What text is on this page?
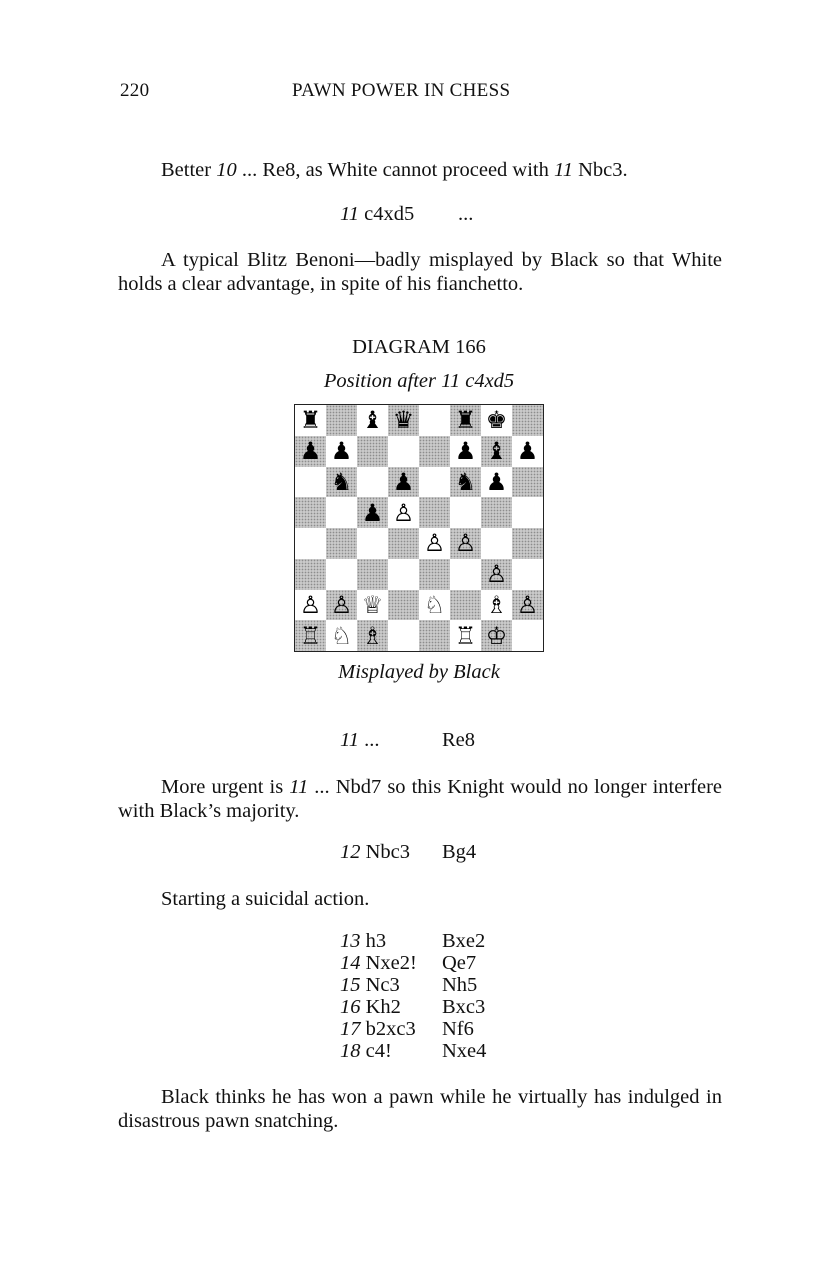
220	PAWN POWER IN CHESS
Better 10 ... Re8, as White cannot proceed with 11 Nbc3.
11 c4xd5 ...
A typical Blitz Benoni—badly misplayed by Black so that White holds a clear advantage, in spite of his fianchetto.
DIAGRAM 166
Position after 11 c4xd5
♜ ♝ ♛ ♜ ♚
♟ ♟	♟ ♝ ♟
♞ ♟ ♞ ♟
♟ ♙
♙ ♙
♙
♙ ♙ ♕ ♘ ♗ ♙
♖ ♘ ♗	♖ ♔
Misplayed by Black
11 ...	Re8
More urgent is 11 ... Nbd7 so this Knight would no longer interfere with Black’s majority.
12 Nbc3 Bg4
Starting a suicidal action.
13 h3	Bxe2
14 Nxe2! Qe7
15 Nc3 Nh5
16 Kh2 Bxc3
17 b2xc3 Nf6
18 c4! Nxe4
Black thinks he has won a pawn while he virtually has indulged in disastrous pawn snatching.
